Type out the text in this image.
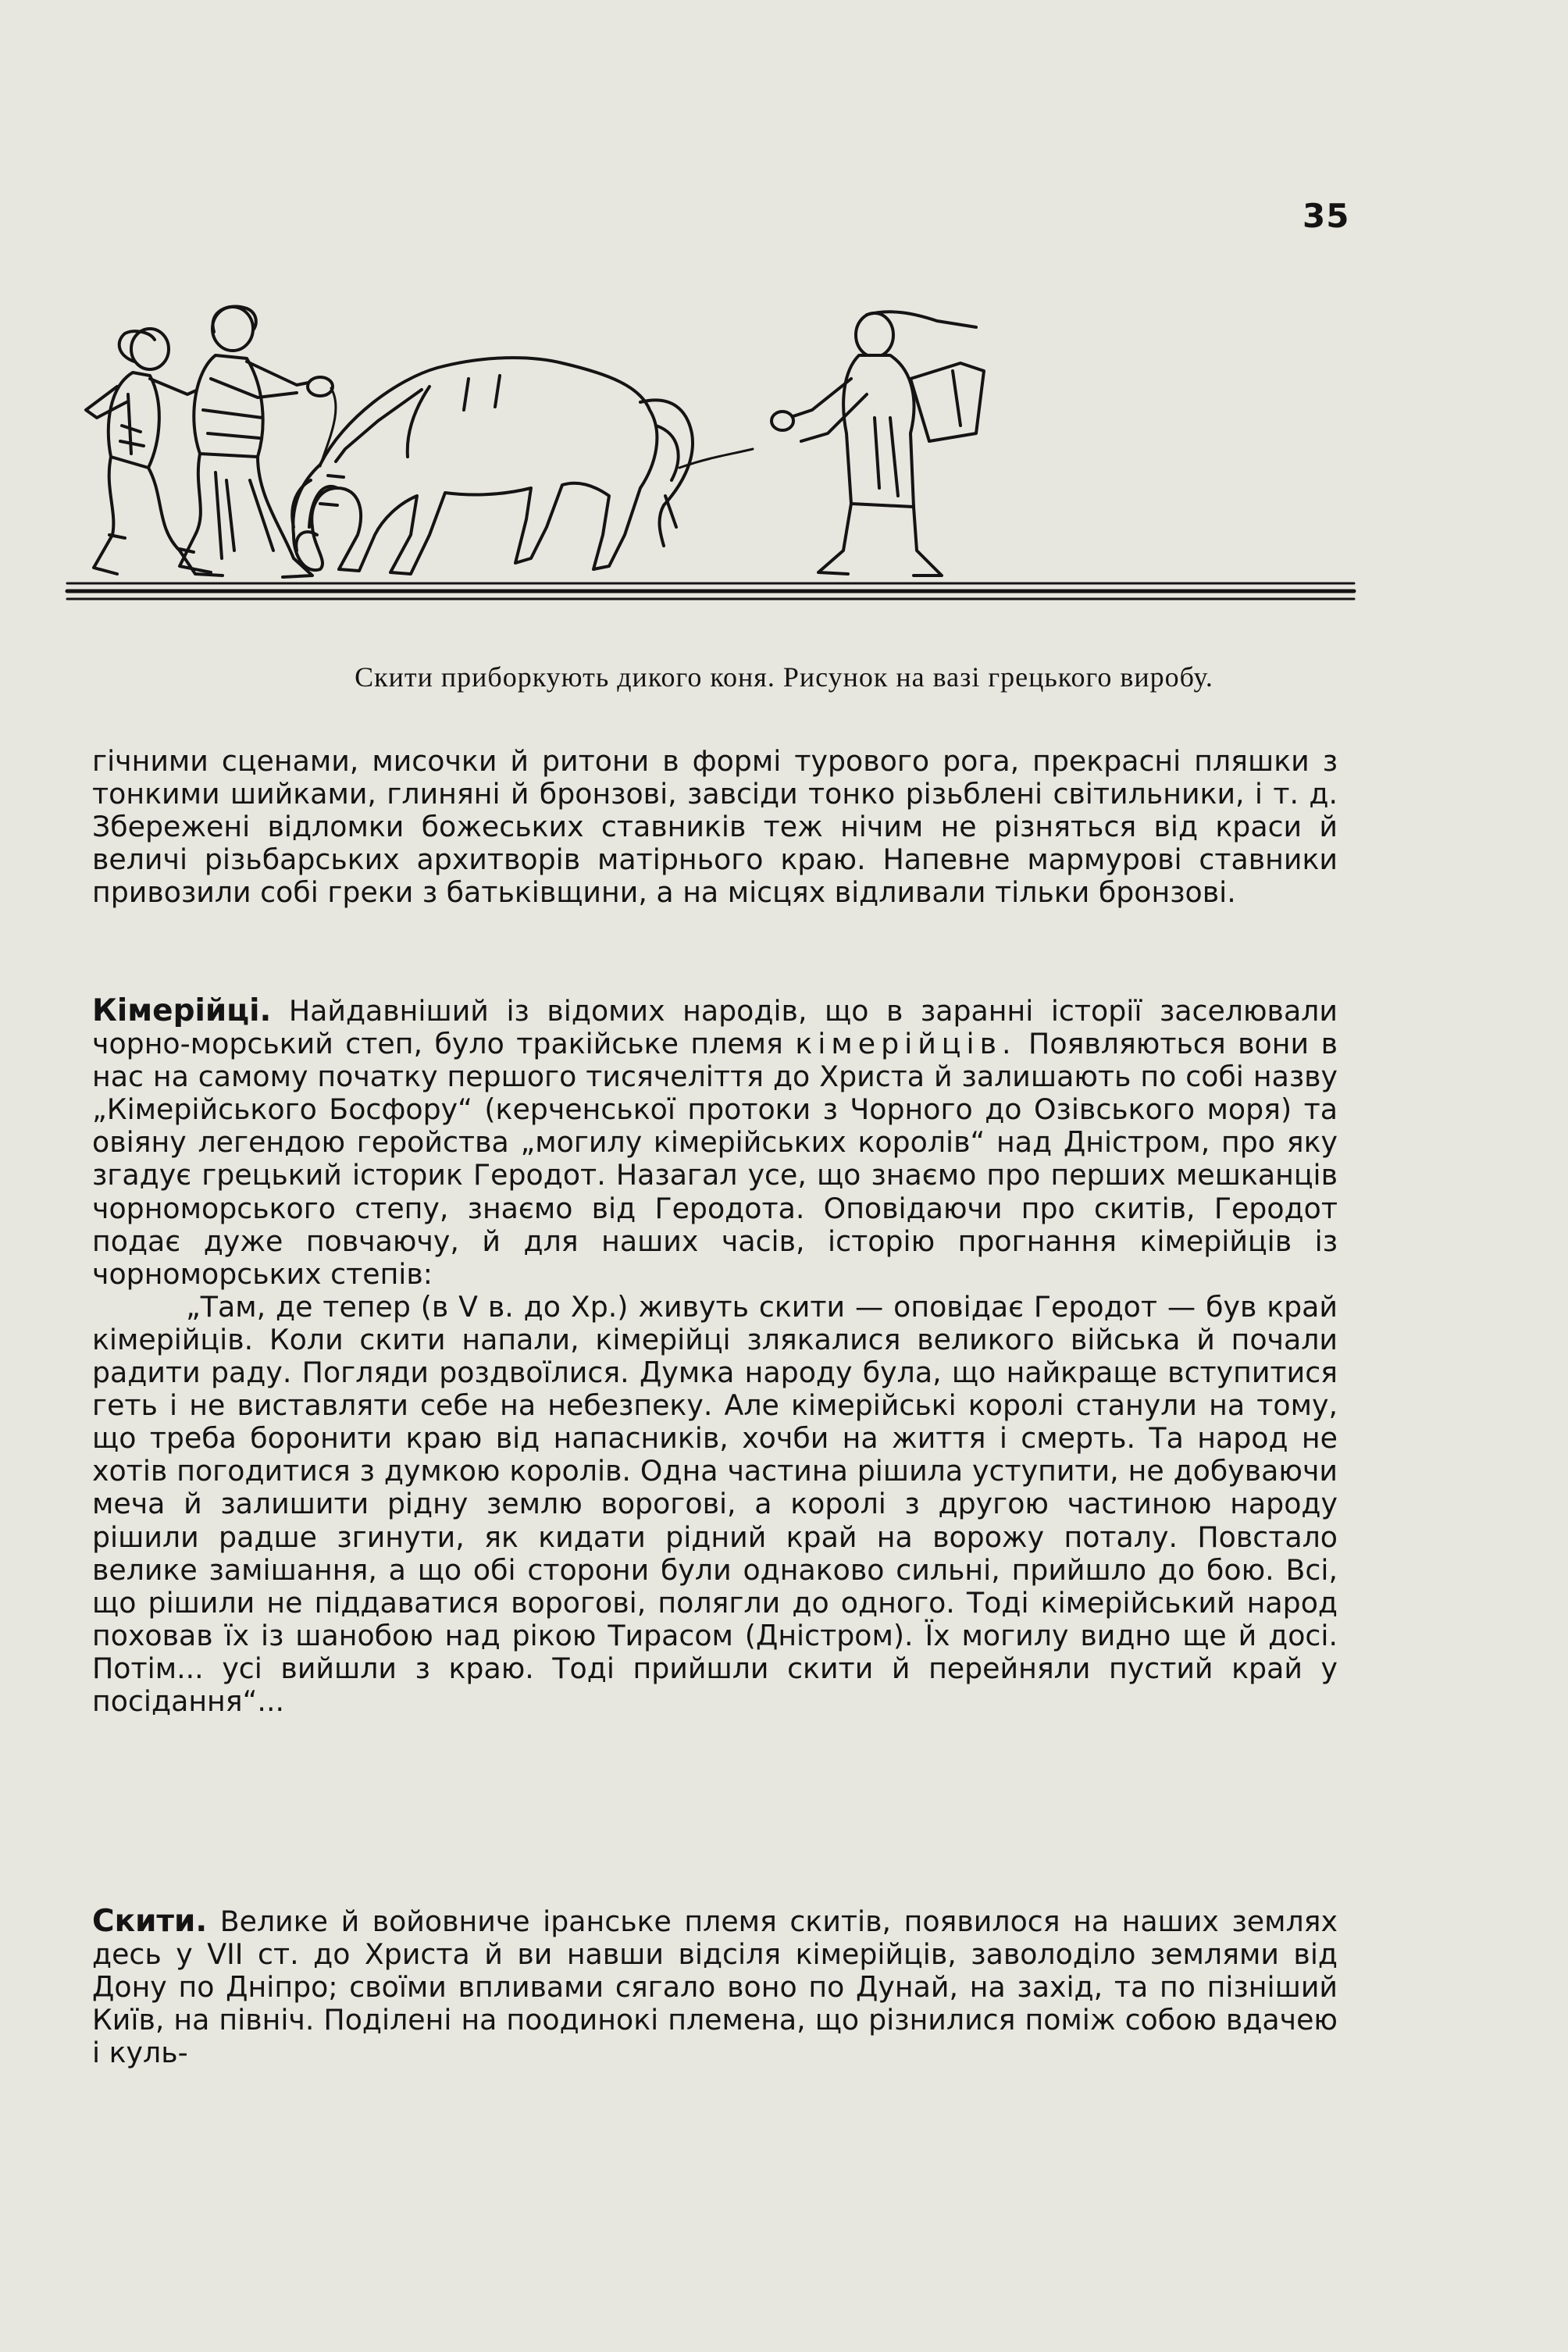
35
Скити приборкують дикого коня. Рисунок на вазі грецького виробу.

гічними сценами, мисочки й ритони в формі турового рога, прекрасні пляшки з тонкими шийками, глиняні й бронзові, завсіди тонко різьблені світильники, і т. д. Збережені відломки божеських ставників теж нічим не різняться від краси й величі різьбарських архитворів матірнього краю. Напевне мармурові ставники привозили собі греки з батьківщини, а на місцях відливали тільки бронзові.

Кімерійці. Найдавніший із відомих народів, що в заранні історії заселювали чорно-морський степ, було тракійське племя кімерійців. Появляються вони в нас на самому початку першого тисячеліття до Христа й залишають по собі назву „Кімерійського Босфору“ (керченської протоки з Чорного до Озівського моря) та овіяну легендою геройства „могилу кімерійських королів“ над Дністром, про яку згадує грецький історик Геродот. Назагал усе, що знаємо про перших мешканців чорноморського степу, знаємо від Геродота. Оповідаючи про скитів, Геродот подає дуже повчаючу, й для наших часів, історію прогнання кімерійців із чорноморських степів:

„Там, де тепер (в V в. до Хр.) живуть скити — оповідає Геродот — був край кімерійців. Коли скити напали, кімерійці злякалися великого війська й почали радити раду. Погляди роздвоїлися. Думка народу була, що найкраще вступитися геть і не виставляти себе на небезпеку. Але кімерійські королі станули на тому, що треба боронити краю від напасників, хочби на життя і смерть. Та народ не хотів погодитися з думкою королів. Одна частина рішила уступити, не добуваючи меча й залишити рідну землю ворогові, а королі з другою частиною народу рішили радше згинути, як кидати рідний край на ворожу поталу. Повстало велике замішання, а що обі сторони були однаково сильні, прийшло до бою. Всі, що рішили не піддаватися ворогові, полягли до одного. Тоді кімерійський народ поховав їх із шанобою над рікою Тирасом (Дністром). Їх могилу видно ще й досі. Потім... усі вийшли з краю. Тоді прийшли скити й перейняли пустий край у посідання“...

Скити. Велике й войовниче іранське племя скитів, появилося на наших землях десь у VII ст. до Христа й ви навши відсіля кімерійців, заволоділо землями від Дону по Дніпро; своїми впливами сягало воно по Дунай, на захід, та по пізніший Київ, на північ. Поділені на поодинокі племена, що різнилися поміж собою вдачею і куль-
